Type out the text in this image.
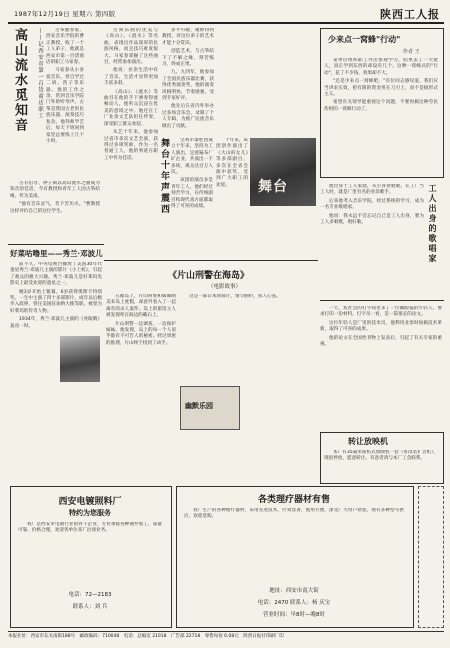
1987年12月19日 星期六 第四版	陕西工人报
高山流水觅知音	——记西安市第一百货商店职工	古筝独奏家，西安音乐学院的曹正教授，收了一个工人弟子，他就是西安市第一百货商店的职工马家春。

马家春从小喜爱音乐，曾自学过二胡、笛子等乐器。他的工作之余，常到音乐学院门外聆听琴声。古筝是我国古老的民族乐器，演奏技巧复杂。他拜师学艺后，每天下班回到家里总要练上几个小时。

古有伯牙、钟子期以高山流水之曲成为知音的佳话，今有教授和青年工人因古筝结缘，传为美谈。

"他有音乐灵气，肯下苦功夫。"曹教授这样评价自己的这位学生。

古典乐曲的优美与《高山》、《流水》等名曲，表现出作品深厚的民族风格，而且技巧难度很大。马家春掌握了这些曲目，经常参加演出。

他说：业余生活中有了音乐，生活才显得更加丰富多彩。

《高山》、《流水》等曲目在他的手下弹奏得流畅动人，使听众沉浸在优美的意境之中。他还在工厂业余文艺队担任伴奏，深受职工群众欢迎。

从艺十年来，他参加过省市多次文艺会演，获得过多项奖励，作为一名普通工人，他的事迹在职工中传为佳话。

多平可敬，聚师得到教授，对这位弟子的艺术才能十分赏识。

创造艺术，与古筝结下了不解之缘，刻苦练习，终成正果。

九、九四年，他参加了全国民族乐器比赛，获得优秀演奏奖，他的演奏风格明快，节奏感强，受到专家好评。

他先后在省内外举办过多场音乐会，录制了个人专辑，为推广民族音乐做出了贡献。

好菜咕噜里——秀兰·邓波儿

前不久，中央电视台播放了美国30年代童星秀兰·邓波儿主演的影片《小上校》，引起了观众的极大兴趣。秀兰·邓波儿是好莱坞电影史上最受欢迎的童星之一。

她3岁开始上银幕，6岁获得奥斯卡特别奖，一生中主演了四十多部影片。成年以后她步入政界，曾任美国驻加纳大使等职，被誉为好菜坞的传奇人物。

1934年，秀兰·邓波儿主演的《亮眼睛》轰动一时。

舞台十年声震西	宝鸡市秦腔团成立十年来，坚持为工人演出，足迹遍布厂矿企业，共演出一千多场，观众达百万人次。

该团的演员多是青年工人，他们经过刻苦学习，在传统剧目和现代戏方面都取得了可喜的成绩。

十年来，该团创作演出了《大山的女儿》等多部剧目，多次在全省会演中获奖，受到广大职工的欢迎。	舞台
《片山刑警在海岛》
（电影故事）

五福岛上，片山刑警和妹妹晴美来岛上度假，却意外卷入了一起离奇的杀人案件。岛上的旅馆主人被发现死在海边的礁石上。

片山刑警一边调查，一边保护妹妹。他发现，岛上的每一个人似乎都有不可告人的秘密。经过周密的推理，片山终于找到了凶手。

这是一部日本侦探片，情节曲折，扣人心弦。

幽默乐园
少来点一窝蜂"行动"
作者 王

某单位组织职工外出参观学习，结果去了一大批人，真正学到东西的却没有几个。这种一窝蜂式的"行动"，花了不少钱，效果却不大。

"还是少来点一窝蜂吧，"有位同志感叹道。我们应当讲求实效，把有限的资金用在刀刃上，而不是搞形式主义。

希望有关领导能重视这个问题，不要再搞这种劳民伤财的一窝蜂行动了。

工人出身的歌唱家

他出身于工人家庭，从小喜欢唱歌。在工厂当工人时，就是厂里有名的业余歌手。

后来他考入音乐学院，经过系统的学习，成为一名专业歌唱家。

他说：我永远不会忘记自己是工人出身，要为工人多唱歌，唱好歌。

一天，焦社会的打字间里来了一位戴眼镜的年轻人，要求打印一份材料。打字员一看，是一篇很长的论文。

这位年轻人是厂里的技术员，他利用业余时间搞技术革新，取得了可喜的成果。

他的论文在全国性刊物上发表后，引起了有关专家的重视。

转让放映机

本厂有35毫米座机式放映机一套（带改装扩音机），现因停放，愿意转让。有意者请与本厂工会联系。

西安电镀照料厂
特约为您服务
我厂是西安市电镀行业的骨干企业，专业承接各种镀件加工，质量可靠，价格合理，欢迎各单位来厂洽谈业务。
电话：72—2183
联系人：刘 兵
各类理疗器材有售
我厂生产的各种理疗器材，采用先进技术，疗效显著，使用方便，深受广大用户欢迎。现有多种型号供应，欢迎选购。
地址：西安市南大街
电话：2470 联系人：杨 庆宝
营业时间：早8时—晚8时
本报社址：西安市东关南街188号　邮政编码：710048　电话：总编室 21018　广告部 22718　零售每份 0.08元　陕西日报社印刷厂印
